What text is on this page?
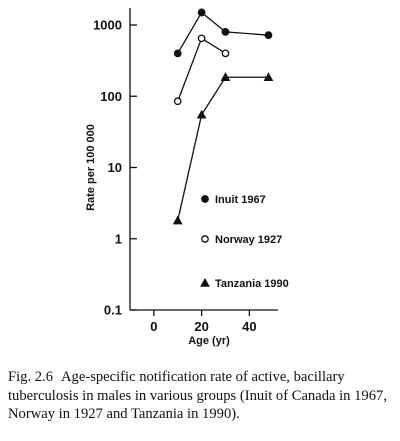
0.1
1
10
100
1000
0	20	40
Age (yr)
Rate per 100 000	Inuit 1967
Norway 1927
Tanzania 1990

Fig. 2.6 Age-specific notification rate of active, bacillary tuberculosis in males in various groups (Inuit of Canada in 1967, Norway in 1927 and Tanzania in 1990).
